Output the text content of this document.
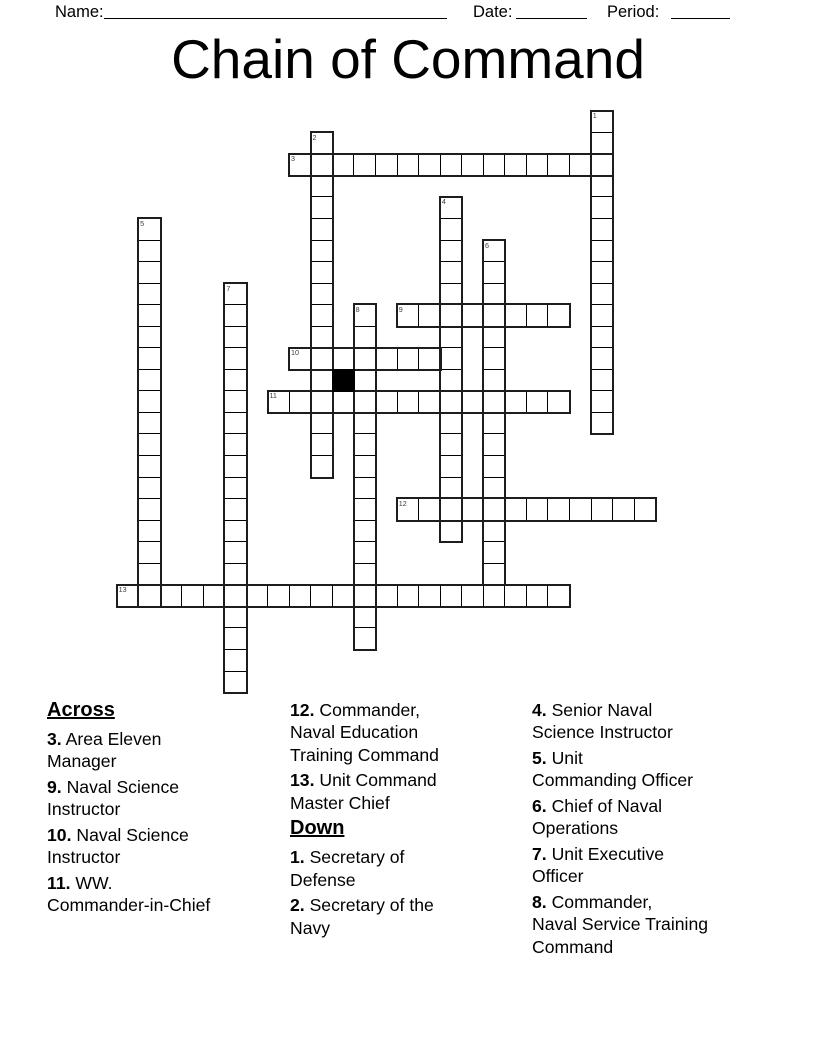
Name:	Date:	Period:
Chain of Command
1
2
3
4
5
6
7
8	9
10
11
12
13
Across
3. Area Eleven
Manager
9. Naval Science
Instructor
10. Naval Science
Instructor
11. WW.
Commander-in-Chief
12. Commander,
Naval Education
Training Command
13. Unit Command
Master Chief
Down
1. Secretary of
Defense
2. Secretary of the
Navy
4. Senior Naval
Science Instructor
5. Unit
Commanding Officer
6. Chief of Naval
Operations
7. Unit Executive
Officer
8. Commander,
Naval Service Training
Command
